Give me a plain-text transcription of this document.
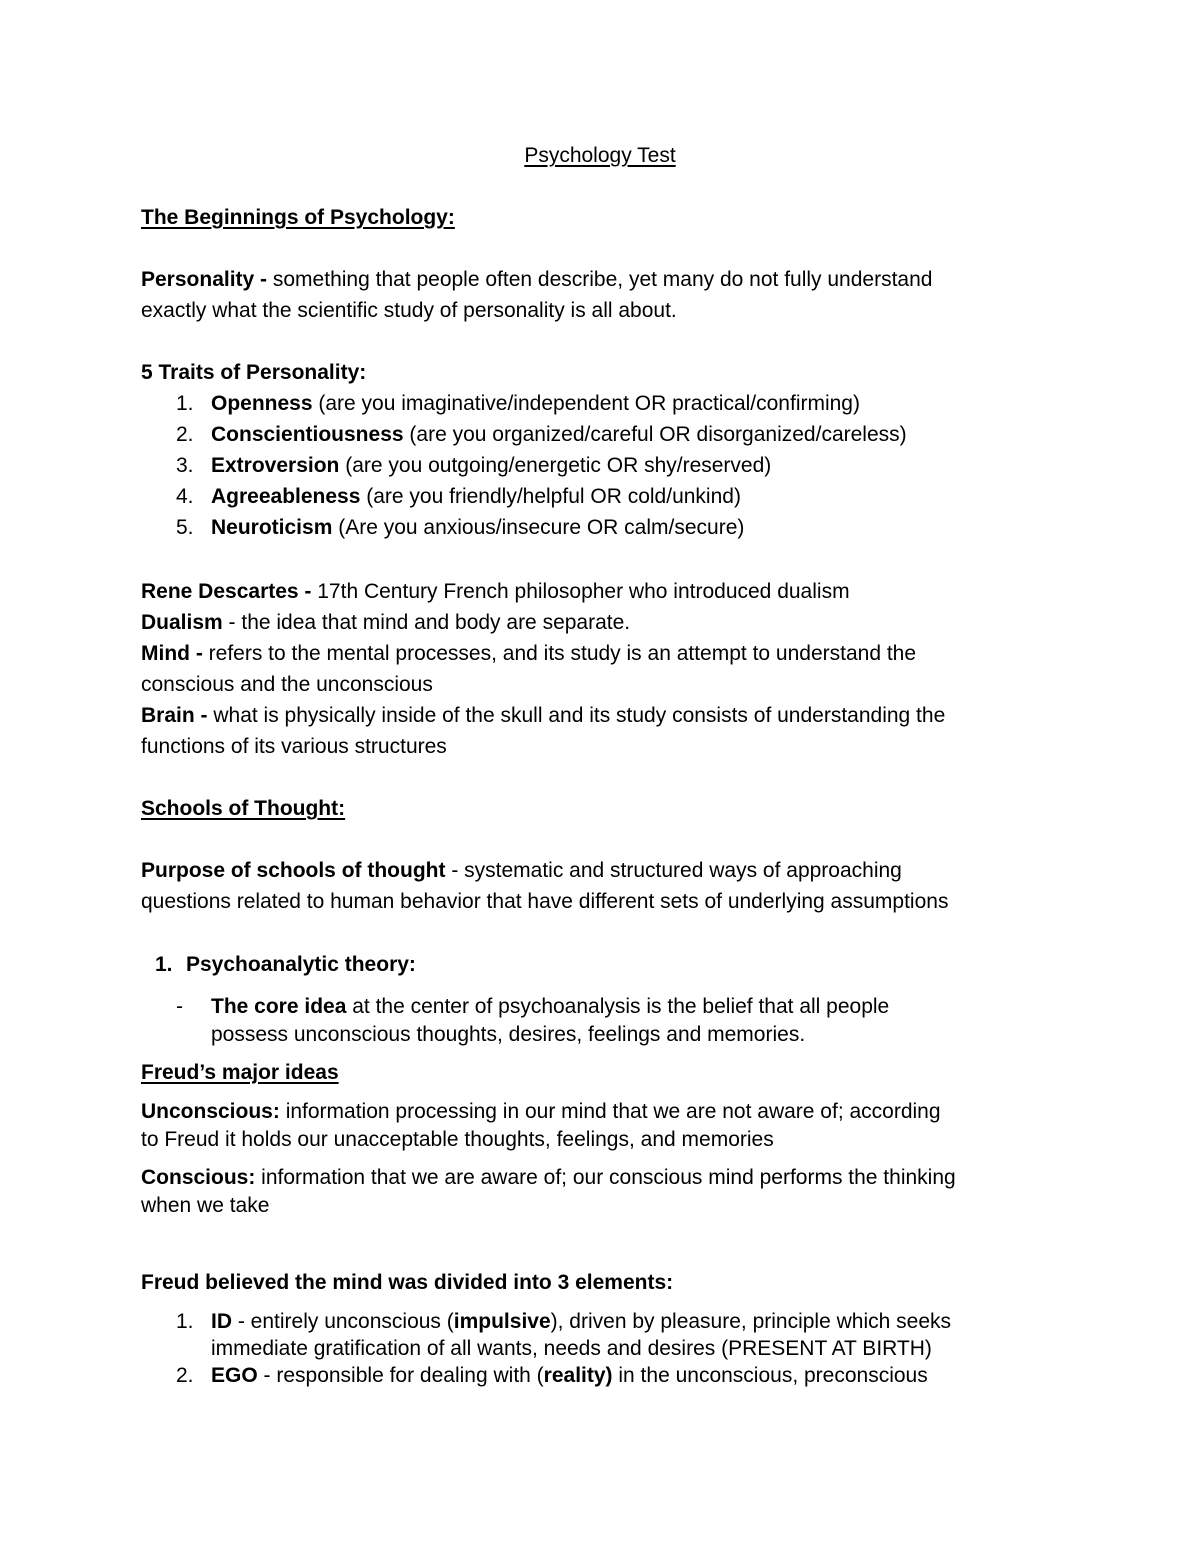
Psychology Test
The Beginnings of Psychology:
Personality - something that people often describe, yet many do not fully understand
exactly what the scientific study of personality is all about.
5 Traits of Personality:
1. Openness (are you imaginative/independent OR practical/confirming)
2. Conscientiousness (are you organized/careful OR disorganized/careless)
3. Extroversion (are you outgoing/energetic OR shy/reserved)
4. Agreeableness (are you friendly/helpful OR cold/unkind)
5. Neuroticism (Are you anxious/insecure OR calm/secure)
Rene Descartes - 17th Century French philosopher who introduced dualism
Dualism - the idea that mind and body are separate.
Mind - refers to the mental processes, and its study is an attempt to understand the
conscious and the unconscious
Brain - what is physically inside of the skull and its study consists of understanding the
functions of its various structures
Schools of Thought:
Purpose of schools of thought - systematic and structured ways of approaching
questions related to human behavior that have different sets of underlying assumptions
1. Psychoanalytic theory:
- The core idea at the center of psychoanalysis is the belief that all people
possess unconscious thoughts, desires, feelings and memories.
Freud’s major ideas
Unconscious: information processing in our mind that we are not aware of; according
to Freud it holds our unacceptable thoughts, feelings, and memories
Conscious: information that we are aware of; our conscious mind performs the thinking
when we take
Freud believed the mind was divided into 3 elements:
1. ID - entirely unconscious (impulsive), driven by pleasure, principle which seeks
immediate gratification of all wants, needs and desires (PRESENT AT BIRTH)
2. EGO - responsible for dealing with (reality) in the unconscious, preconscious
